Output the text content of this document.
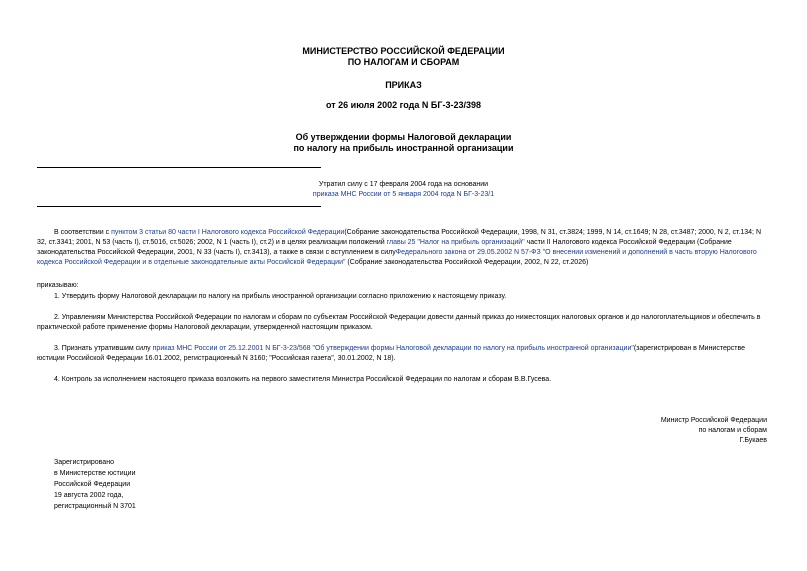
МИНИСТЕРСТВО РОССИЙСКОЙ ФЕДЕРАЦИИ
ПО НАЛОГАМ И СБОРАМ
ПРИКАЗ
от 26 июля 2002 года N БГ-3-23/398
Об утверждении формы Налоговой декларации
по налогу на прибыль иностранной организации
Утратил силу с 17 февраля 2004 года на основании
приказа МНС России от 5 января 2004 года N БГ-3-23/1
В соответствии с пунктом 3 статьи 80 части I Налогового кодекса Российской Федерации(Собрание законодательства Российской Федерации, 1998, N 31, ст.3824; 1999, N 14, ст.1649; N 28, ст.3487; 2000, N 2, ст.134; N 32, ст.3341; 2001, N 53 (часть I), ст.5016, ст.5026; 2002, N 1 (часть I), ст.2) и в целях реализации положений главы 25 "Налог на прибыль организаций" части II Налогового кодекса Российской Федерации (Собрание законодательства Российской Федерации, 2001, N 33 (часть I), ст.3413), а также в связи с вступлением в силуФедерального закона от 29.05.2002 N 57-ФЗ "О внесении изменений и дополнений в часть вторую Налогового кодекса Российской Федерации и в отдельные законодательные акты Российской Федерации" (Собрание законодательства Российской Федерации, 2002, N 22, ст.2026)
приказываю:
1. Утвердить форму Налоговой декларации по налогу на прибыль иностранной организации согласно приложению к настоящему приказу.
2. Управлениям Министерства Российской Федерации по налогам и сборам по субъектам Российской Федерации довести данный приказ до нижестоящих налоговых органов и до налогоплательщиков и обеспечить в практической работе применение формы Налоговой декларации, утвержденной настоящим приказом.
3. Признать утратившим силу приказ МНС России от 25.12.2001 N БГ-3-23/568 "Об утверждении формы Налоговой декларации по налогу на прибыль иностранной организации"(зарегистрирован в Министерстве юстиции Российской Федерации 16.01.2002, регистрационный N 3160; "Российская газета", 30.01.2002, N 18).
4. Контроль за исполнением настоящего приказа возложить на первого заместителя Министра Российской Федерации по налогам и сборам В.В.Гусева.
Министр Российской Федерации
по налогам и сборам
Г.Букаев
Зарегистрировано
в Министерстве юстиции
Российской Федерации
19 августа 2002 года,
регистрационный N 3701
